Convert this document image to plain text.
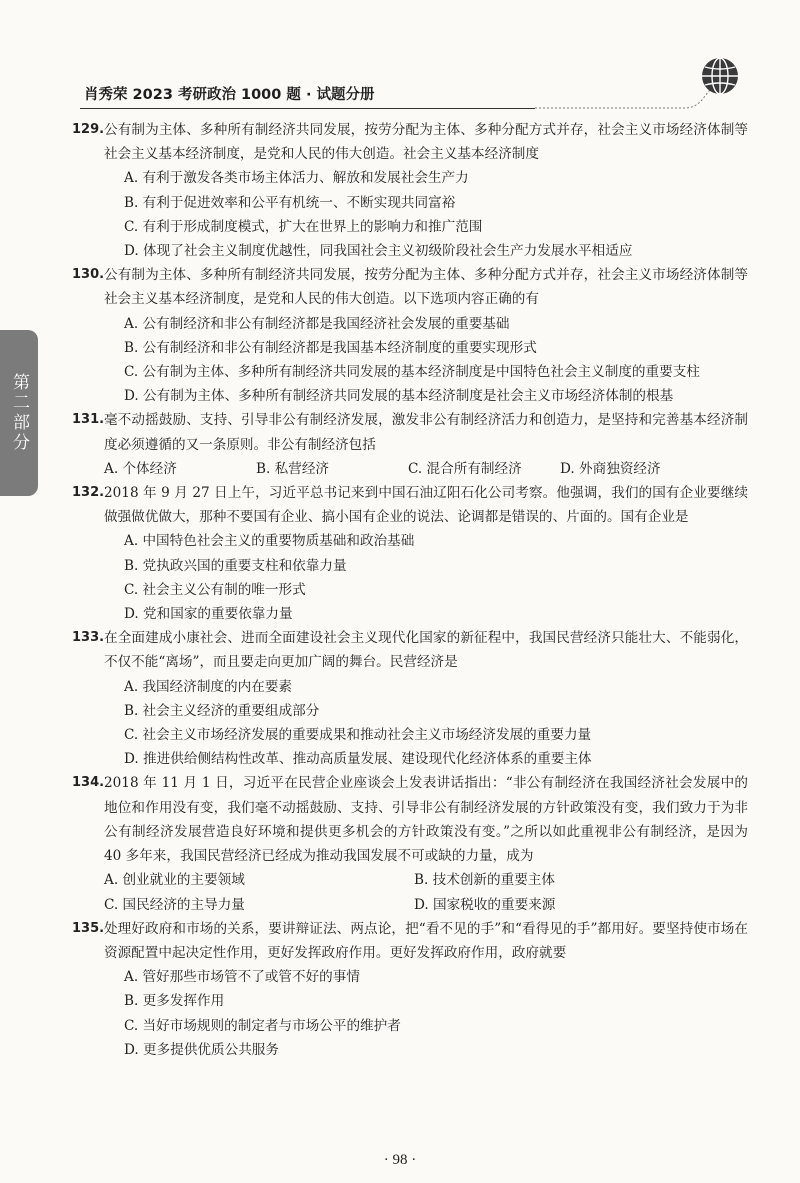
肖秀荣 2023 考研政治 1000 题 · 试题分册
第二部分
129. 公有制为主体、多种所有制经济共同发展，按劳分配为主体、多种分配方式并存，社会主义市场经济体制等社会主义基本经济制度，是党和人民的伟大创造。社会主义基本经济制度
A. 有利于激发各类市场主体活力、解放和发展社会生产力
B. 有利于促进效率和公平有机统一、不断实现共同富裕
C. 有利于形成制度模式，扩大在世界上的影响力和推广范围
D. 体现了社会主义制度优越性，同我国社会主义初级阶段社会生产力发展水平相适应
130. 公有制为主体、多种所有制经济共同发展，按劳分配为主体、多种分配方式并存，社会主义市场经济体制等社会主义基本经济制度，是党和人民的伟大创造。以下选项内容正确的有
A. 公有制经济和非公有制经济都是我国经济社会发展的重要基础
B. 公有制经济和非公有制经济都是我国基本经济制度的重要实现形式
C. 公有制为主体、多种所有制经济共同发展的基本经济制度是中国特色社会主义制度的重要支柱
D. 公有制为主体、多种所有制经济共同发展的基本经济制度是社会主义市场经济体制的根基
131. 毫不动摇鼓励、支持、引导非公有制经济发展，激发非公有制经济活力和创造力，是坚持和完善基本经济制度必须遵循的又一条原则。非公有制经济包括
A. 个体经济	B. 私营经济	C. 混合所有制经济	D. 外商独资经济
132. 2018 年 9 月 27 日上午，习近平总书记来到中国石油辽阳石化公司考察。他强调，我们的国有企业要继续做强做优做大，那种不要国有企业、搞小国有企业的说法、论调都是错误的、片面的。国有企业是
A. 中国特色社会主义的重要物质基础和政治基础
B. 党执政兴国的重要支柱和依靠力量
C. 社会主义公有制的唯一形式
D. 党和国家的重要依靠力量
133. 在全面建成小康社会、进而全面建设社会主义现代化国家的新征程中，我国民营经济只能壮大、不能弱化，不仅不能“离场”，而且要走向更加广阔的舞台。民营经济是
A. 我国经济制度的内在要素
B. 社会主义经济的重要组成部分
C. 社会主义市场经济发展的重要成果和推动社会主义市场经济发展的重要力量
D. 推进供给侧结构性改革、推动高质量发展、建设现代化经济体系的重要主体
134. 2018 年 11 月 1 日，习近平在民营企业座谈会上发表讲话指出：“非公有制经济在我国经济社会发展中的地位和作用没有变，我们毫不动摇鼓励、支持、引导非公有制经济发展的方针政策没有变，我们致力于为非公有制经济发展营造良好环境和提供更多机会的方针政策没有变。”之所以如此重视非公有制经济，是因为 40 多年来，我国民营经济已经成为推动我国发展不可或缺的力量，成为
A. 创业就业的主要领域	B. 技术创新的重要主体
C. 国民经济的主导力量	D. 国家税收的重要来源
135. 处理好政府和市场的关系，要讲辩证法、两点论，把“看不见的手”和“看得见的手”都用好。要坚持使市场在资源配置中起决定性作用，更好发挥政府作用。更好发挥政府作用，政府就要
A. 管好那些市场管不了或管不好的事情
B. 更多发挥作用
C. 当好市场规则的制定者与市场公平的维护者
D. 更多提供优质公共服务
· 98 ·
